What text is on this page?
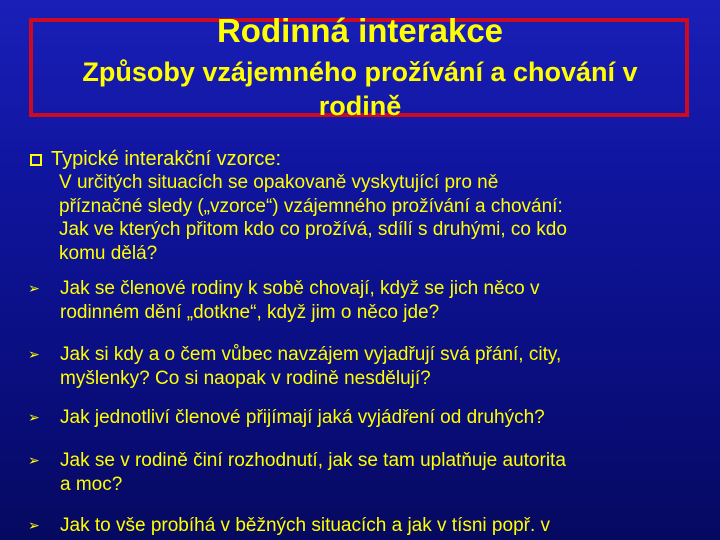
Rodinná interakce
Způsoby vzájemného prožívání a chování v rodině
Typické interakční vzorce:
V určitých situacích se opakovaně vyskytující pro ně
příznačné sledy („vzorce“) vzájemného prožívání a chování:
Jak ve kterých přitom kdo co prožívá, sdílí s druhými, co kdo
komu dělá?
➢	Jak se členové rodiny k sobě chovají, když se jich něco v
rodinném dění „dotkne“, když jim o něco jde?
➢	Jak si kdy a o čem vůbec navzájem vyjadřují svá přání, city,
myšlenky? Co si naopak v rodině nesdělují?
➢	Jak jednotliví členové přijímají jaká vyjádření od druhých?
➢	Jak se v rodině činí rozhodnutí, jak se tam uplatňuje autorita
a moc?
➢	Jak to vše probíhá v běžných situacích a jak v tísni popř. v
